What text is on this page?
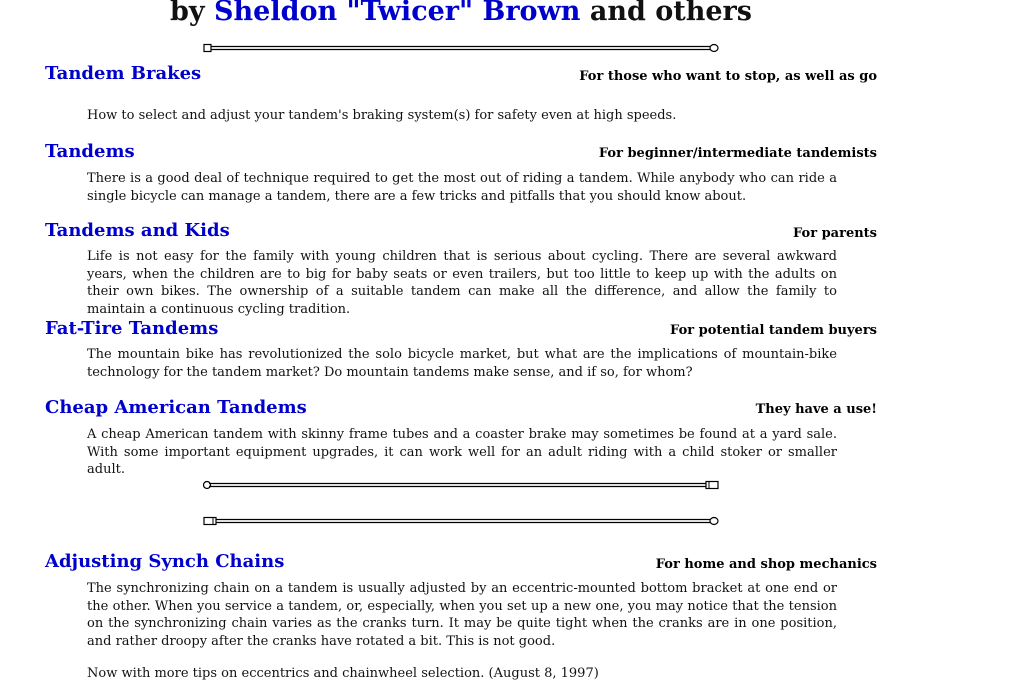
by Sheldon "Twicer" Brown and others
Tandem Brakes	For those who want to stop, as well as go

How to select and adjust your tandem's braking system(s) for safety even at high speeds.

Tandems	For beginner/intermediate tandemists

There is a good deal of technique required to get the most out of riding a tandem. While anybody who can ride a single bicycle can manage a tandem, there are a few tricks and pitfalls that you should know about.

Tandems and Kids	For parents

Life is not easy for the family with young children that is serious about cycling. There are several awkward years, when the children are to big for baby seats or even trailers, but too little to keep up with the adults on their own bikes. The ownership of a suitable tandem can make all the difference, and allow the family to maintain a continuous cycling tradition.

Fat-Tire Tandems	For potential tandem buyers

The mountain bike has revolutionized the solo bicycle market, but what are the implications of mountain-bike technology for the tandem market? Do mountain tandems make sense, and if so, for whom?

Cheap American Tandems	They have a use!

A cheap American tandem with skinny frame tubes and a coaster brake may sometimes be found at a yard sale. With some important equipment upgrades, it can work well for an adult riding with a child stoker or smaller adult.

Adjusting Synch Chains	For home and shop mechanics

The synchronizing chain on a tandem is usually adjusted by an eccentric-mounted bottom bracket at one end or the other. When you service a tandem, or, especially, when you set up a new one, you may notice that the tension on the synchronizing chain varies as the cranks turn. It may be quite tight when the cranks are in one position, and rather droopy after the cranks have rotated a bit. This is not good.

Now with more tips on eccentrics and chainwheel selection. (August 8, 1997)
